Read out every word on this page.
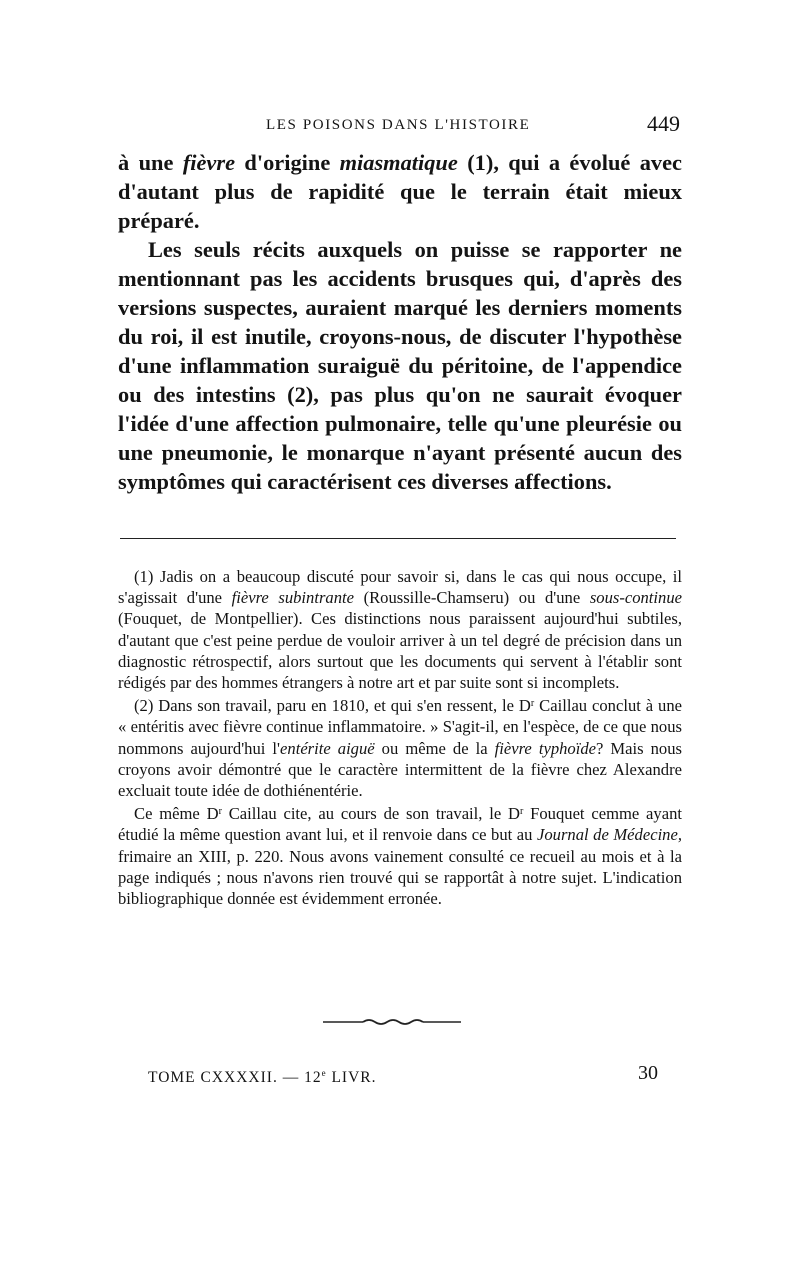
LES POISONS DANS L'HISTOIRE	449

à une fièvre d'origine miasmatique (1), qui a évolué avec d'autant plus de rapidité que le terrain était mieux préparé.

Les seuls récits auxquels on puisse se rapporter ne mentionnant pas les accidents brusques qui, d'après des versions suspectes, auraient marqué les derniers moments du roi, il est inutile, croyons-nous, de discuter l'hypothèse d'une inflammation suraiguë du péritoine, de l'appendice ou des intestins (2), pas plus qu'on ne saurait évoquer l'idée d'une affection pulmonaire, telle qu'une pleurésie ou une pneumonie, le monarque n'ayant présenté aucun des symptômes qui caractérisent ces diverses affections.

(1) Jadis on a beaucoup discuté pour savoir si, dans le cas qui nous occupe, il s'agissait d'une fièvre subintrante (Roussille-Chamseru) ou d'une sous-continue (Fouquet, de Montpellier). Ces distinctions nous paraissent aujourd'hui subtiles, d'autant que c'est peine perdue de vouloir arriver à un tel degré de précision dans un diagnostic rétrospectif, alors surtout que les documents qui servent à l'établir sont rédigés par des hommes étrangers à notre art et par suite sont si incomplets.

(2) Dans son travail, paru en 1810, et qui s'en ressent, le $D^r$ Caillau conclut à une « entéritis avec fièvre continue inflammatoire. » S'agit-il, en l'espèce, de ce que nous nommons aujourd'hui l'entérite aiguë ou même de la fièvre typhoïde? Mais nous croyons avoir démontré que le caractère intermittent de la fièvre chez Alexandre excluait toute idée de dothiénentérie.

Ce même $D^r$ Caillau cite, au cours de son travail, le $D^r$ Fouquet cemme ayant étudié la même question avant lui, et il renvoie dans ce but au Journal de Médecine, frimaire an XIII, p. 220. Nous avons vainement consulté ce recueil au mois et à la page indiqués ; nous n'avons rien trouvé qui se rapportât à notre sujet. L'indication bibliographique donnée est évidemment erronée.

TOME CXXXXII. — 12e LIVR.	30
